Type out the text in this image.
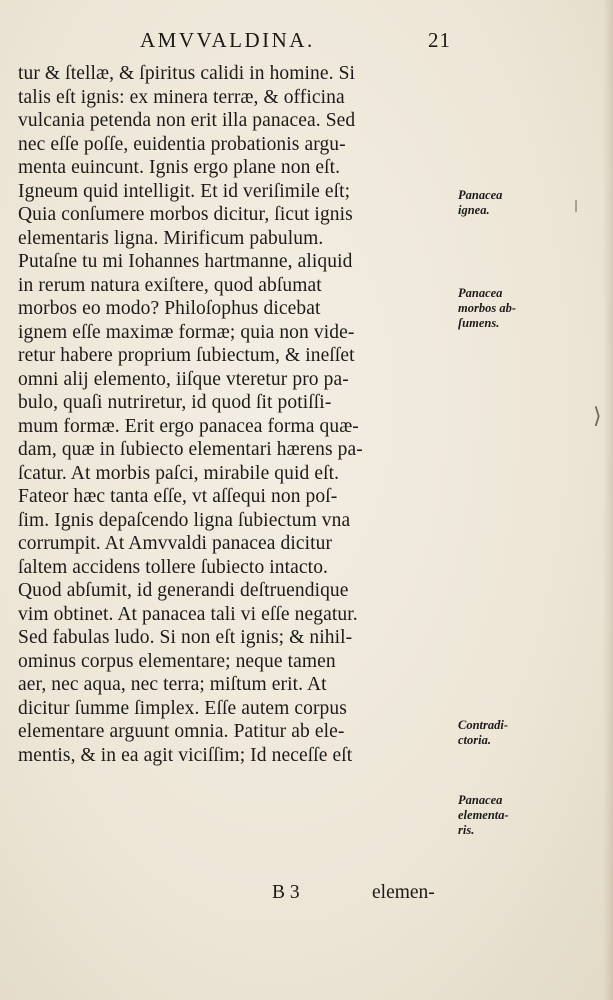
⟩
AMVVALDINA.	21
tur & ſtellæ, & ſpiritus calidi in homine. Si
talis eſt ignis: ex minera terræ, & officina
vulcania petenda non erit illa panacea. Sed
nec eſſe poſſe, euidentia probationis argu-
menta euincunt. Ignis ergo plane non eſt.
Igneum quid intelligit. Et id veriſimile eſt;
Quia conſumere morbos dicitur, ſicut ignis
elementaris ligna. Mirificum pabulum.
Putaſne tu mi Iohannes hartmanne, aliquid
in rerum natura exiſtere, quod abſumat
morbos eo modo? Philoſophus dicebat
ignem eſſe maximæ formæ; quia non vide-
retur habere proprium ſubiectum, & ineſſet
omni alij elemento, iiſque vteretur pro pa-
bulo, quaſi nutriretur, id quod ſit potiſſi-
mum formæ. Erit ergo panacea forma quæ-
dam, quæ in ſubiecto elementari hærens pa-
ſcatur. At morbis paſci, mirabile quid eſt.
Fateor hæc tanta eſſe, vt aſſequi non poſ-
ſim. Ignis depaſcendo ligna ſubiectum vna
corrumpit. At Amvvaldi panacea dicitur
ſaltem accidens tollere ſubiecto intacto.
Quod abſumit, id generandi deſtruendique
vim obtinet. At panacea tali vi eſſe negatur.
Sed fabulas ludo. Si non eſt ignis; & nihil-
ominus corpus elementare; neque tamen
aer, nec aqua, nec terra; miſtum erit. At
dicitur ſumme ſimplex. Eſſe autem corpus
elementare arguunt omnia. Patitur ab ele-
mentis, & in ea agit viciſſim; Id neceſſe eſt
Panacea
ignea.
Panacea
morbos ab-
ſumens.
Contradi-
ctoria.
Panacea
elementa-
ris.
B 3	elemen-
